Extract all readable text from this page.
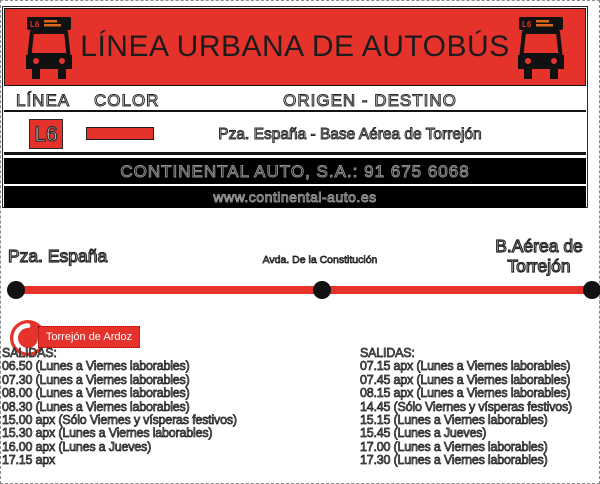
L6
LÍNEA URBANA DE AUTOBÚS
L6
LÍNEA COLOR	ORIGEN - DESTINO
L6	Pza. España - Base Aérea de Torrejón
CONTINENTAL AUTO, S.A.: 91 675 6068
www.continental-auto.es
Pza. España	Avda. De la Constitución
B.Aérea de
Torrejón
Torrejón de Ardoz
SALIDAS:
06.50 (Lunes a Viernes laborables)
07.30 (Lunes a Viernes laborables)
08.00 (Lunes a Viernes laborables)
08.30 (Lunes a Viernes laborables)
15.00 apx (Sólo Viernes y vísperas festivos)
15.30 apx (Lunes a Viernes laborables)
16.00 apx (Lunes a Jueves)
17.15 apx
SALIDAS:
07.15 apx (Lunes a Viernes laborables)
07.45 apx (Lunes a Viernes laborables)
08.15 apx (Lunes a Viernes laborables)
14.45 (Sólo Viernes y vísperas festivos)
15.15 (Lunes a Viernes laborables)
15.45 (Lunes a Jueves)
17.00 (Lunes a Viernes laborables)
17.30 (Lunes a Viernes laborables)
